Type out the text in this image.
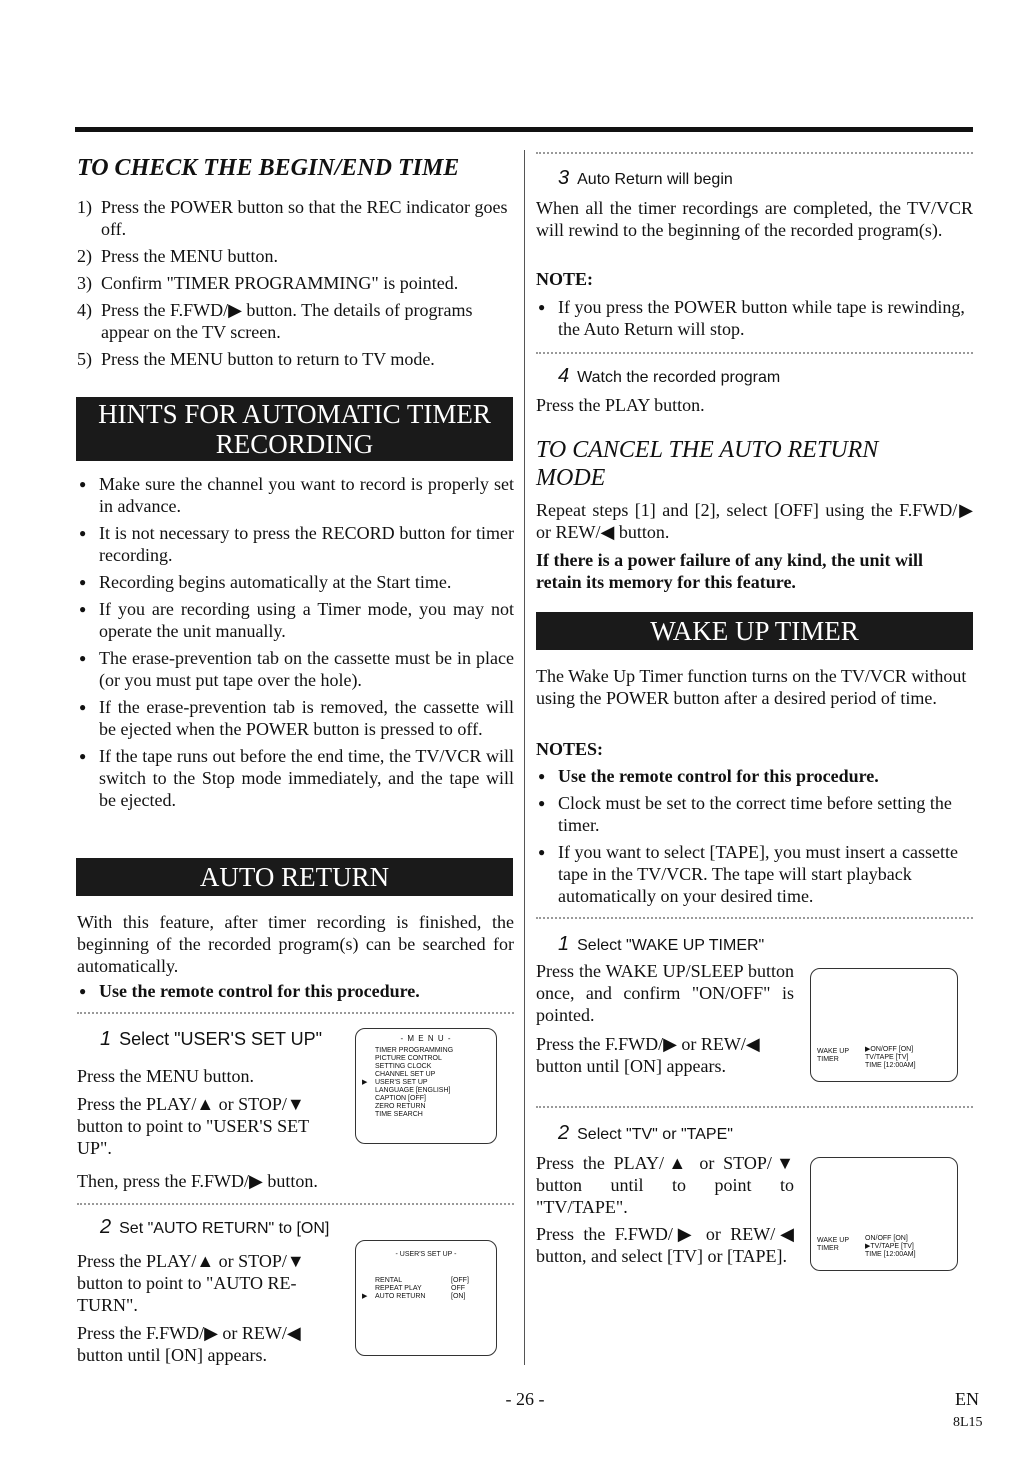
TO CHECK THE BEGIN/END TIME
1) Press the POWER button so that the REC indicator goes off.
2) Press the MENU button.
3) Confirm "TIMER PROGRAMMING" is pointed.
4) Press the F.FWD/▶ button. The details of programs appear on the TV screen.
5) Press the MENU button to return to TV mode.
HINTS FOR AUTOMATIC TIMER RECORDING
● Make sure the channel you want to record is properly set in advance.
● It is not necessary to press the RECORD button for timer recording.
● Recording begins automatically at the Start time.
● If you are recording using a Timer mode, you may not operate the unit manually.
● The erase-prevention tab on the cassette must be in place (or you must put tape over the hole).
● If the erase-prevention tab is removed, the cassette will be ejected when the POWER button is pressed to off.
● If the tape runs out before the end time, the TV/VCR will switch to the Stop mode immediately, and the tape will be ejected.
AUTO RETURN

With this feature, after timer recording is finished, the beginning of the recorded program(s) can be searched for automatically.

● Use the remote control for this procedure.
1 Select "USER'S SET UP"

Press the MENU button.

Press the PLAY/▲ or STOP/▼ button to point to "USER'S SET UP".

Then, press the F.FWD/▶ button.

- M E N U -
TIMER PROGRAMMING
PICTURE CONTROL
SETTING CLOCK
CHANNEL SET UP
USER'S SET UP
LANGUAGE [ENGLISH]
CAPTION [OFF]
ZERO RETURN
TIME SEARCH
▶
2 Set "AUTO RETURN" to [ON]

Press the PLAY/▲ or STOP/▼ button to point to "AUTO RE-TURN".

Press the F.FWD/▶ or REW/◀ button until [ON] appears.

- USER'S SET UP -
RENTAL	[OFF]
REPEAT PLAY	OFF
AUTO RETURN	[ON]
▶
3 Auto Return will begin

When all the timer recordings are completed, the TV/VCR will rewind to the beginning of the recorded program(s).

NOTE:

● If you press the POWER button while tape is rewinding, the Auto Return will stop.
4 Watch the recorded program

Press the PLAY button.

TO CANCEL THE AUTO RETURN MODE

Repeat steps [1] and [2], select [OFF] using the F.FWD/▶ or REW/◀ button.

If there is a power failure of any kind, the unit will retain its memory for this feature.

WAKE UP TIMER

The Wake Up Timer function turns on the TV/VCR without using the POWER button after a desired period of time.

NOTES:

● Use the remote control for this procedure.
● Clock must be set to the correct time before setting the timer.
● If you want to select [TAPE], you must insert a cassette tape in the TV/VCR. The tape will start playback automatically on your desired time.
1 Select "WAKE UP TIMER"

Press the WAKE UP/SLEEP button once, and confirm "ON/OFF" is pointed.

Press the F.FWD/▶ or REW/◀ button until [ON] appears.

WAKE UP
TIMER
▶ON/OFF [ON]
TV/TAPE [TV]
TIME [12:00AM]
2 Select "TV" or "TAPE"

Press the PLAY/▲ or STOP/▼ button until to point to "TV/TAPE".

Press the F.FWD/▶ or REW/◀ button, and select [TV] or [TAPE].

WAKE UP
TIMER
ON/OFF [ON]
▶TV/TAPE [TV]
TIME [12:00AM]
- 26 -	EN
8L15
